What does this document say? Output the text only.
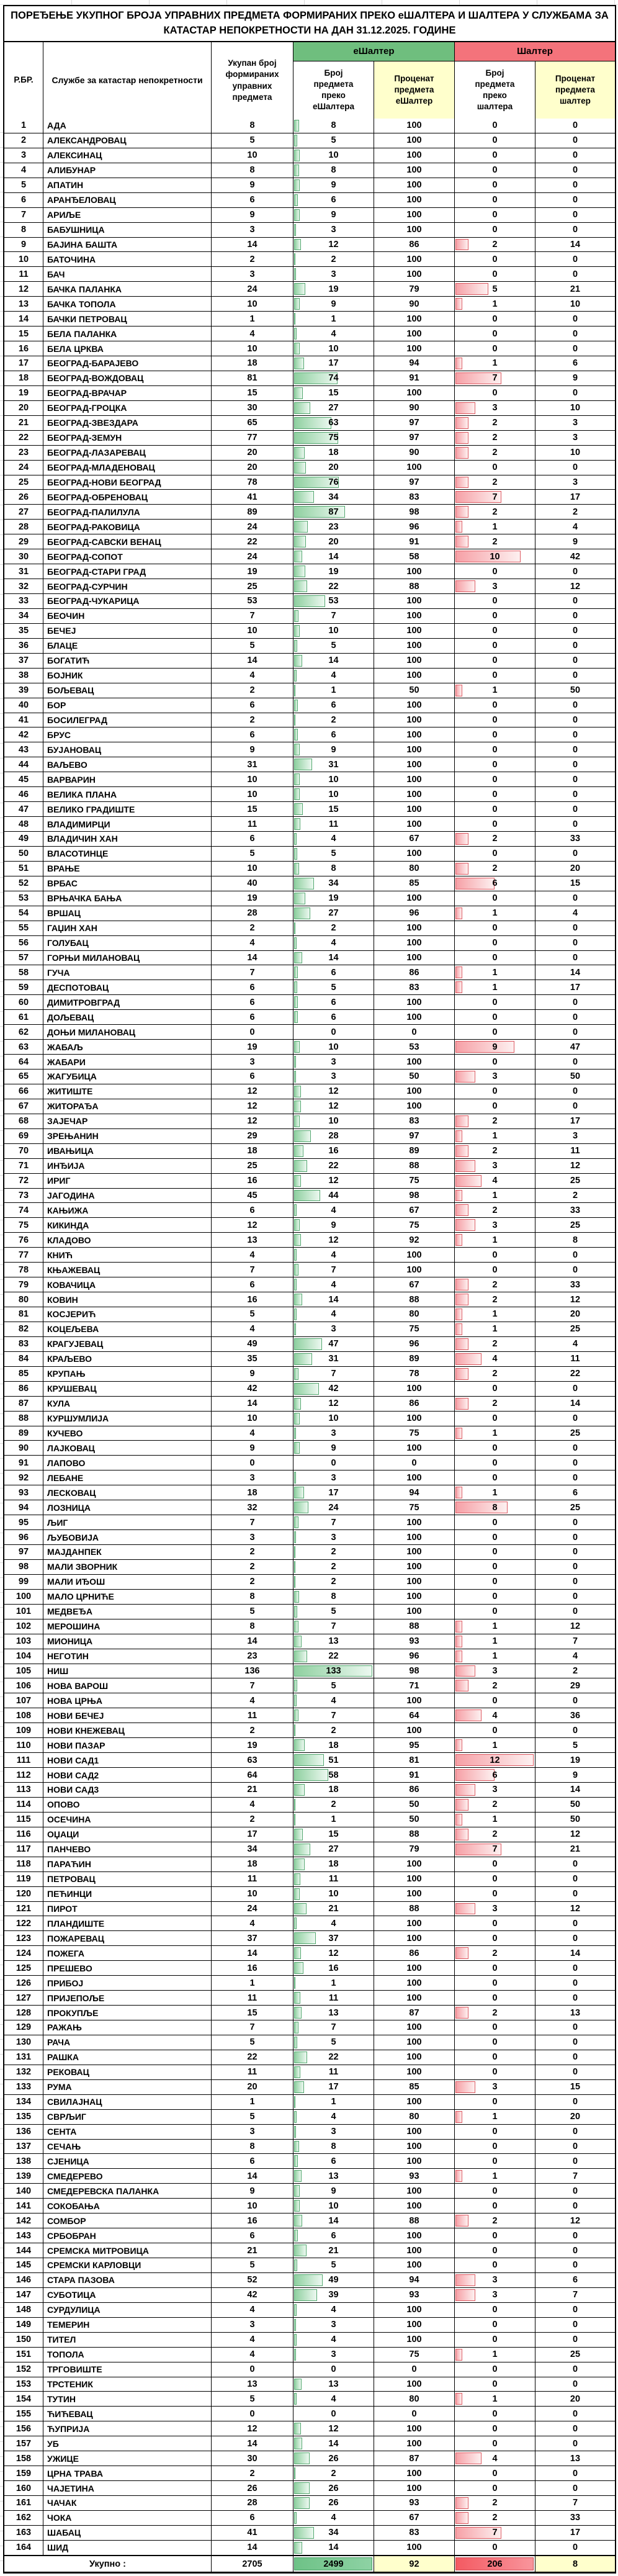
ПОРЕЂЕЊЕ УКУПНОГ БРОЈА УПРАВНИХ ПРЕДМЕТА ФОРМИРАНИХ ПРЕКО еШАЛТЕРА И ШАЛТЕРА У СЛУЖБАМА ЗА КАТАСТАР НЕПОКРЕТНОСТИ НА ДАН 31.12.2025. ГОДИНЕ
Р.БР.	Службе за катастар непокретности
Укупан број формираних управних предмета
еШалтер	Шалтер
Број предмета преко еШалтера
Проценат предмета еШалтер
Број предмета преко шалтера
Проценат предмета шалтер
1	АДА	8	8	100	0	0
2	АЛЕКСАНДРОВАЦ	5	5	100	0	0
3	АЛЕКСИНАЦ	10	10	100	0	0
4	АЛИБУНАР	8	8	100	0	0
5	АПАТИН	9	9	100	0	0
6	АРАНЂЕЛОВАЦ	6	6	100	0	0
7	АРИЉЕ	9	9	100	0	0
8	БАБУШНИЦА	3	3	100	0	0
9	БАЈИНА БАШТА	14	12	86	2	14
10	БАТОЧИНА	2	2	100	0	0
11	БАЧ	3	3	100	0	0
12	БАЧКА ПАЛАНКА	24	19	79	5	21
13	БАЧКА ТОПОЛА	10	9	90	1	10
14	БАЧКИ ПЕТРОВАЦ	1	1	100	0	0
15	БЕЛА ПАЛАНКА	4	4	100	0	0
16	БЕЛА ЦРКВА	10	10	100	0	0
17	БЕОГРАД-БАРАЈЕВО	18	17	94	1	6
18	БЕОГРАД-ВОЖДОВАЦ	81	74	91	7	9
19	БЕОГРАД-ВРАЧАР	15	15	100	0	0
20	БЕОГРАД-ГРОЦКА	30	27	90	3	10
21	БЕОГРАД-ЗВЕЗДАРА	65	63	97	2	3
22	БЕОГРАД-ЗЕМУН	77	75	97	2	3
23	БЕОГРАД-ЛАЗАРЕВАЦ	20	18	90	2	10
24	БЕОГРАД-МЛАДЕНОВАЦ	20	20	100	0	0
25	БЕОГРАД-НОВИ БЕОГРАД	78	76	97	2	3
26	БЕОГРАД-ОБРЕНОВАЦ	41	34	83	7	17
27	БЕОГРАД-ПАЛИЛУЛА	89	87	98	2	2
28	БЕОГРАД-РАКОВИЦА	24	23	96	1	4
29	БЕОГРАД-САВСКИ ВЕНАЦ	22	20	91	2	9
30	БЕОГРАД-СОПОТ	24	14	58	10	42
31	БЕОГРАД-СТАРИ ГРАД	19	19	100	0	0
32	БЕОГРАД-СУРЧИН	25	22	88	3	12
33	БЕОГРАД-ЧУКАРИЦА	53	53	100	0	0
34	БЕОЧИН	7	7	100	0	0
35	БЕЧЕЈ	10	10	100	0	0
36	БЛАЦЕ	5	5	100	0	0
37	БОГАТИЋ	14	14	100	0	0
38	БОЈНИК	4	4	100	0	0
39	БОЉЕВАЦ	2	1	50	1	50
40	БОР	6	6	100	0	0
41	БОСИЛЕГРАД	2	2	100	0	0
42	БРУС	6	6	100	0	0
43	БУЈАНОВАЦ	9	9	100	0	0
44	ВАЉЕВО	31	31	100	0	0
45	ВАРВАРИН	10	10	100	0	0
46	ВЕЛИКА ПЛАНА	10	10	100	0	0
47	ВЕЛИКО ГРАДИШТЕ	15	15	100	0	0
48	ВЛАДИМИРЦИ	11	11	100	0	0
49	ВЛАДИЧИН ХАН	6	4	67	2	33
50	ВЛАСОТИНЦЕ	5	5	100	0	0
51	ВРАЊЕ	10	8	80	2	20
52	ВРБАС	40	34	85	6	15
53	ВРЊАЧКА БАЊА	19	19	100	0	0
54	ВРШАЦ	28	27	96	1	4
55	ГАЏИН ХАН	2	2	100	0	0
56	ГОЛУБАЦ	4	4	100	0	0
57	ГОРЊИ МИЛАНОВАЦ	14	14	100	0	0
58	ГУЧА	7	6	86	1	14
59	ДЕСПОТОВАЦ	6	5	83	1	17
60	ДИМИТРОВГРАД	6	6	100	0	0
61	ДОЉЕВАЦ	6	6	100	0	0
62	ДОЊИ МИЛАНОВАЦ	0	0	0	0	0
63	ЖАБАЉ	19	10	53	9	47
64	ЖАБАРИ	3	3	100	0	0
65	ЖАГУБИЦА	6	3	50	3	50
66	ЖИТИШТЕ	12	12	100	0	0
67	ЖИТОРАЂА	12	12	100	0	0
68	ЗАЈЕЧАР	12	10	83	2	17
69	ЗРЕЊАНИН	29	28	97	1	3
70	ИВАЊИЦА	18	16	89	2	11
71	ИНЂИЈА	25	22	88	3	12
72	ИРИГ	16	12	75	4	25
73	ЈАГОДИНА	45	44	98	1	2
74	КАЊИЖА	6	4	67	2	33
75	КИКИНДА	12	9	75	3	25
76	КЛАДОВО	13	12	92	1	8
77	КНИЋ	4	4	100	0	0
78	КЊАЖЕВАЦ	7	7	100	0	0
79	КОВАЧИЦА	6	4	67	2	33
80	КОВИН	16	14	88	2	12
81	КОСЈЕРИЋ	5	4	80	1	20
82	КОЦЕЉЕВА	4	3	75	1	25
83	КРАГУЈЕВАЦ	49	47	96	2	4
84	КРАЉЕВО	35	31	89	4	11
85	КРУПАЊ	9	7	78	2	22
86	КРУШЕВАЦ	42	42	100	0	0
87	КУЛА	14	12	86	2	14
88	КУРШУМЛИЈА	10	10	100	0	0
89	КУЧЕВО	4	3	75	1	25
90	ЛАЈКОВАЦ	9	9	100	0	0
91	ЛАПОВО	0	0	0	0	0
92	ЛЕБАНЕ	3	3	100	0	0
93	ЛЕСКОВАЦ	18	17	94	1	6
94	ЛОЗНИЦА	32	24	75	8	25
95	ЉИГ	7	7	100	0	0
96	ЉУБОВИЈА	3	3	100	0	0
97	МАЈДАНПЕК	2	2	100	0	0
98	МАЛИ ЗВОРНИК	2	2	100	0	0
99	МАЛИ ИЂОШ	2	2	100	0	0
100	МАЛО ЦРНИЋЕ	8	8	100	0	0
101	МЕДВЕЂА	5	5	100	0	0
102	МЕРОШИНА	8	7	88	1	12
103	МИОНИЦА	14	13	93	1	7
104	НЕГОТИН	23	22	96	1	4
105	НИШ	136	133	98	3	2
106	НОВА ВАРОШ	7	5	71	2	29
107	НОВА ЦРЊА	4	4	100	0	0
108	НОВИ БЕЧЕЈ	11	7	64	4	36
109	НОВИ КНЕЖЕВАЦ	2	2	100	0	0
110	НОВИ ПАЗАР	19	18	95	1	5
111	НОВИ САД1	63	51	81	12	19
112	НОВИ САД2	64	58	91	6	9
113	НОВИ САД3	21	18	86	3	14
114	ОПОВО	4	2	50	2	50
115	ОСЕЧИНА	2	1	50	1	50
116	ОЏАЦИ	17	15	88	2	12
117	ПАНЧЕВО	34	27	79	7	21
118	ПАРАЋИН	18	18	100	0	0
119	ПЕТРОВАЦ	11	11	100	0	0
120	ПЕЋИНЦИ	10	10	100	0	0
121	ПИРОТ	24	21	88	3	12
122	ПЛАНДИШТЕ	4	4	100	0	0
123	ПОЖАРЕВАЦ	37	37	100	0	0
124	ПОЖЕГА	14	12	86	2	14
125	ПРЕШЕВО	16	16	100	0	0
126	ПРИБОЈ	1	1	100	0	0
127	ПРИЈЕПОЉЕ	11	11	100	0	0
128	ПРОКУПЉЕ	15	13	87	2	13
129	РАЖАЊ	7	7	100	0	0
130	РАЧА	5	5	100	0	0
131	РАШКА	22	22	100	0	0
132	РЕКОВАЦ	11	11	100	0	0
133	РУМА	20	17	85	3	15
134	СВИЛАЈНАЦ	1	1	100	0	0
135	СВРЉИГ	5	4	80	1	20
136	СЕНТА	3	3	100	0	0
137	СЕЧАЊ	8	8	100	0	0
138	СЈЕНИЦА	6	6	100	0	0
139	СМЕДЕРЕВО	14	13	93	1	7
140	СМЕДЕРЕВСКА ПАЛАНКА	9	9	100	0	0
141	СОКОБАЊА	10	10	100	0	0
142	СОМБОР	16	14	88	2	12
143	СРБОБРАН	6	6	100	0	0
144	СРЕМСКА МИТРОВИЦА	21	21	100	0	0
145	СРЕМСКИ КАРЛОВЦИ	5	5	100	0	0
146	СТАРА ПАЗОВА	52	49	94	3	6
147	СУБОТИЦА	42	39	93	3	7
148	СУРДУЛИЦА	4	4	100	0	0
149	ТЕМЕРИН	3	3	100	0	0
150	ТИТЕЛ	4	4	100	0	0
151	ТОПОЛА	4	3	75	1	25
152	ТРГОВИШТЕ	0	0	0	0	0
153	ТРСТЕНИК	13	13	100	0	0
154	ТУТИН	5	4	80	1	20
155	ЋИЋЕВАЦ	0	0	0	0	0
156	ЋУПРИЈА	12	12	100	0	0
157	УБ	14	14	100	0	0
158	УЖИЦЕ	30	26	87	4	13
159	ЦРНА ТРАВА	2	2	100	0	0
160	ЧАЈЕТИНА	26	26	100	0	0
161	ЧАЧАК	28	26	93	2	7
162	ЧОКА	6	4	67	2	33
163	ШАБАЦ	41	34	83	7	17
164	ШИД	14	14	100	0	0
Укупно :	2705	2499	92	206	8
